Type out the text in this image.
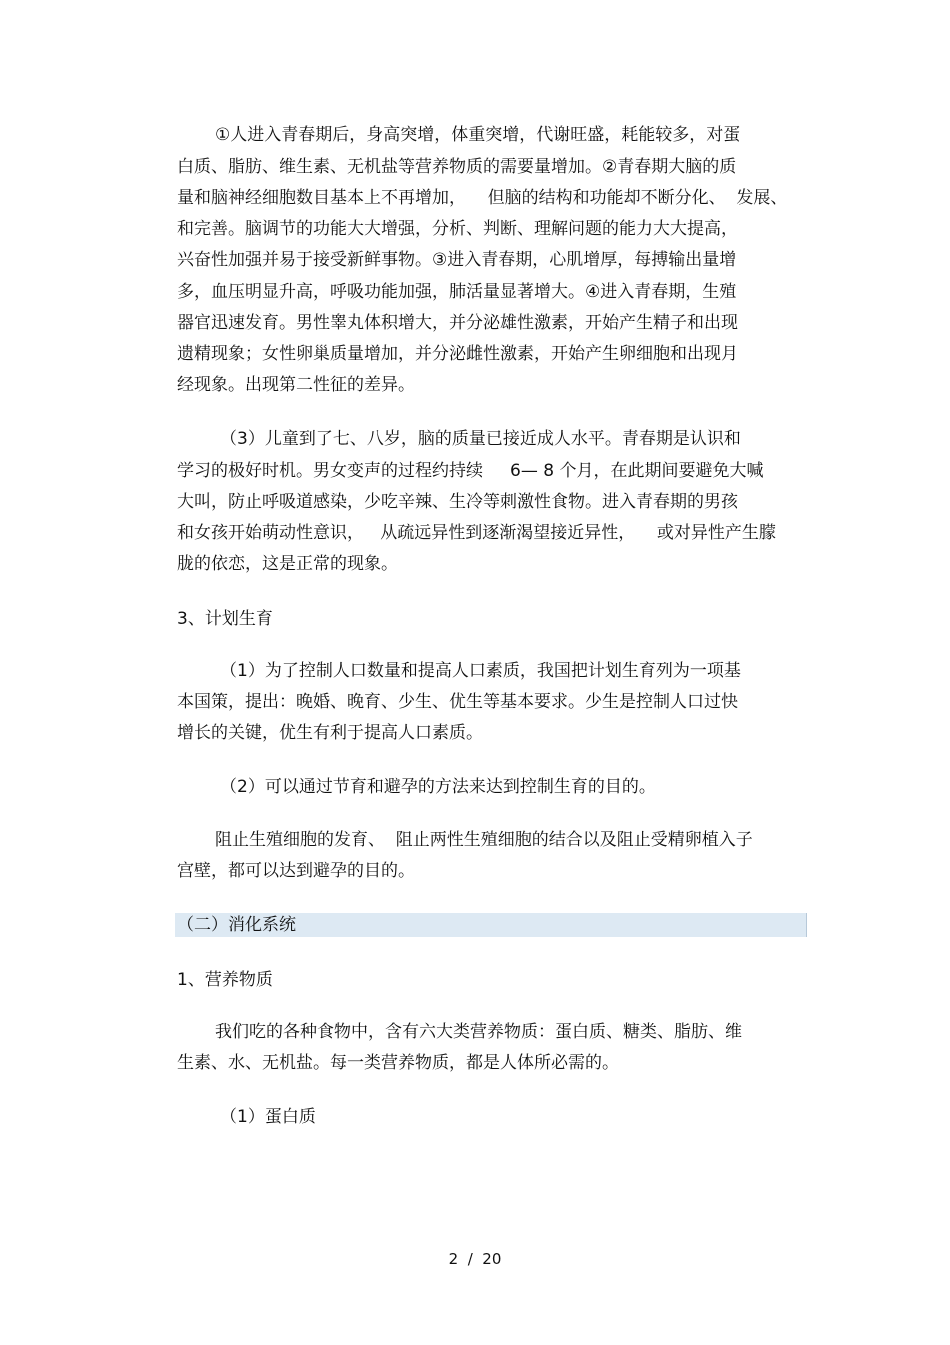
①人进入青春期后，身高突增，体重突增，代谢旺盛，耗能较多，对蛋
白质、脂肪、维生素、无机盐等营养物质的需要量增加。②青春期大脑的质
量和脑神经细胞数目基本上不再增加，    但脑的结构和功能却不断分化、  发展、
和完善。脑调节的功能大大增强，分析、判断、理解问题的能力大大提高，
兴奋性加强并易于接受新鲜事物。③进入青春期，心肌增厚，每搏输出量增
多，血压明显升高，呼吸功能加强，肺活量显著增大。④进入青春期，生殖
器官迅速发育。男性睾丸体积增大，并分泌雄性激素，开始产生精子和出现
遗精现象；女性卵巢质量增加，并分泌雌性激素，开始产生卵细胞和出现月
经现象。出现第二性征的差异。
（3）儿童到了七、八岁，脑的质量已接近成人水平。青春期是认识和
学习的极好时机。男女变声的过程约持续     6— 8 个月，在此期间要避免大喊
大叫，防止呼吸道感染，少吃辛辣、生冷等刺激性食物。进入青春期的男孩
和女孩开始萌动性意识，   从疏远异性到逐渐渴望接近异性，    或对异性产生朦
胧的依恋，这是正常的现象。
3、计划生育
（1）为了控制人口数量和提高人口素质，我国把计划生育列为一项基
本国策，提出：晚婚、晚育、少生、优生等基本要求。少生是控制人口过快
增长的关键，优生有利于提高人口素质。
（2）可以通过节育和避孕的方法来达到控制生育的目的。
阻止生殖细胞的发育、  阻止两性生殖细胞的结合以及阻止受精卵植入子
宫壁，都可以达到避孕的目的。
（二）消化系统
1、营养物质
我们吃的各种食物中，含有六大类营养物质：蛋白质、糖类、脂肪、维
生素、水、无机盐。每一类营养物质，都是人体所必需的。
（1）蛋白质
2  /  20
